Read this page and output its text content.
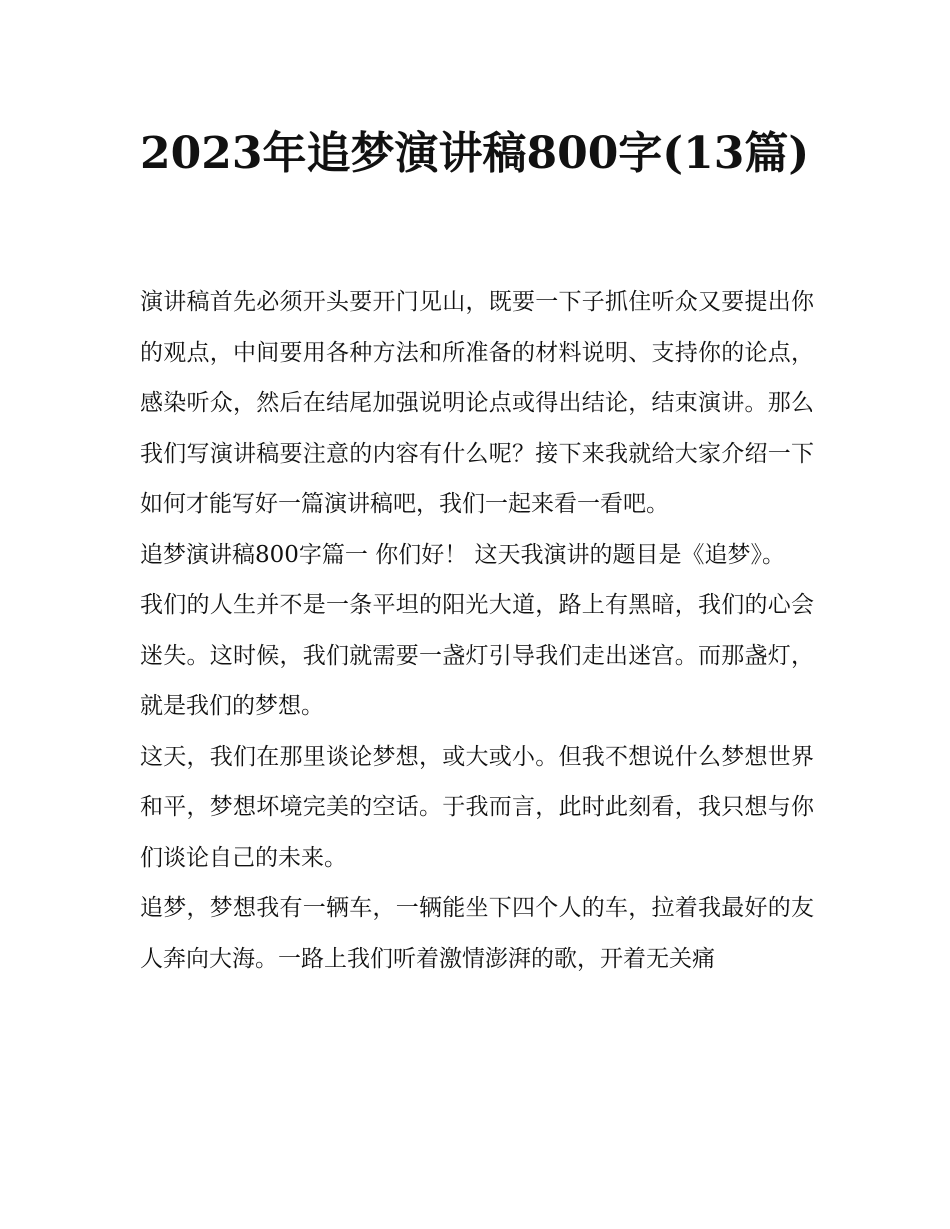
2023年追梦演讲稿800字(13篇)

演讲稿首先必须开头要开门见山，既要一下子抓住听众又要提出你的观点，中间要用各种方法和所准备的材料说明、支持你的论点，感染听众，然后在结尾加强说明论点或得出结论，结束演讲。那么我们写演讲稿要注意的内容有什么呢？接下来我就给大家介绍一下如何才能写好一篇演讲稿吧，我们一起来看一看吧。

追梦演讲稿800字篇一 你们好！ 这天我演讲的题目是《追梦》。

我们的人生并不是一条平坦的阳光大道，路上有黑暗，我们的心会迷失。这时候，我们就需要一盏灯引导我们走出迷宫。而那盏灯，就是我们的梦想。

这天，我们在那里谈论梦想，或大或小。但我不想说什么梦想世界和平，梦想坏境完美的空话。于我而言，此时此刻看，我只想与你们谈论自己的未来。

追梦，梦想我有一辆车，一辆能坐下四个人的车，拉着我最好的友人奔向大海。一路上我们听着激情澎湃的歌，开着无关痛
